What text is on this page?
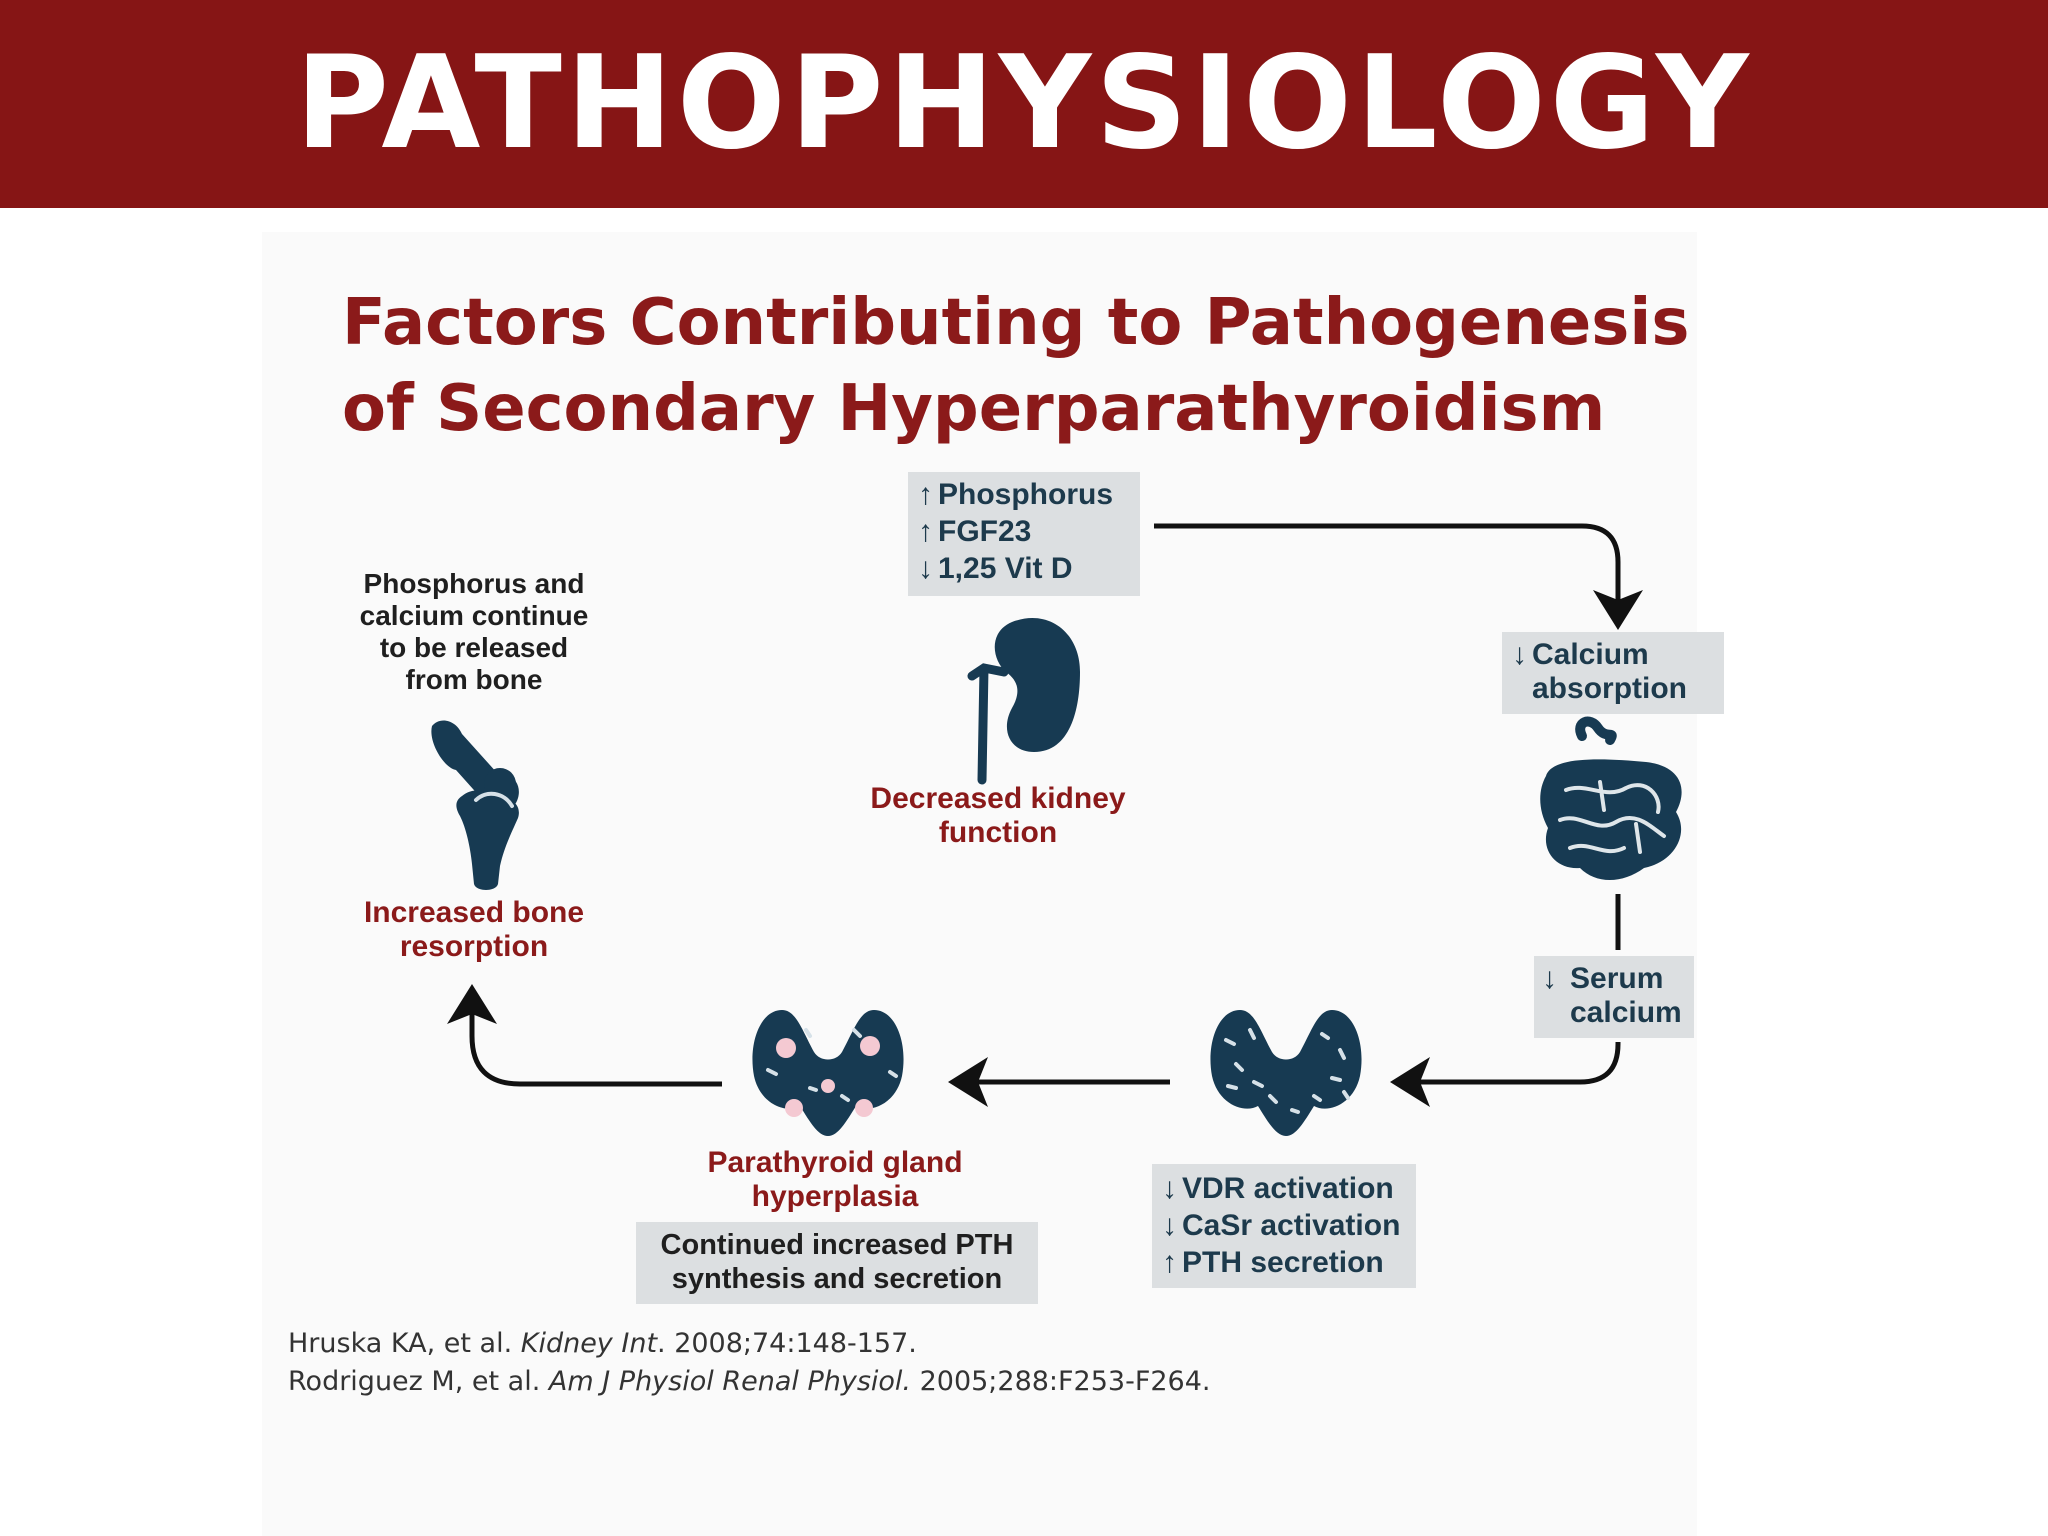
PATHOPHYSIOLOGY
Factors Contributing to Pathogenesis
of Secondary Hyperparathyroidism
↑ Phosphorus
↑ FGF23
↓ 1,25 Vit D
Decreased kidney
function
↓ Calcium
absorption
↓ Serum
calcium
↓ VDR activation
↓ CaSr activation
↑ PTH secretion
Parathyroid gland
hyperplasia
Continued increased PTH
synthesis and secretion
Phosphorus and
calcium continue
to be released
from bone
Increased bone
resorption
Hruska KA, et al. Kidney Int. 2008;74:148-157.
Rodriguez M, et al. Am J Physiol Renal Physiol. 2005;288:F253-F264.
